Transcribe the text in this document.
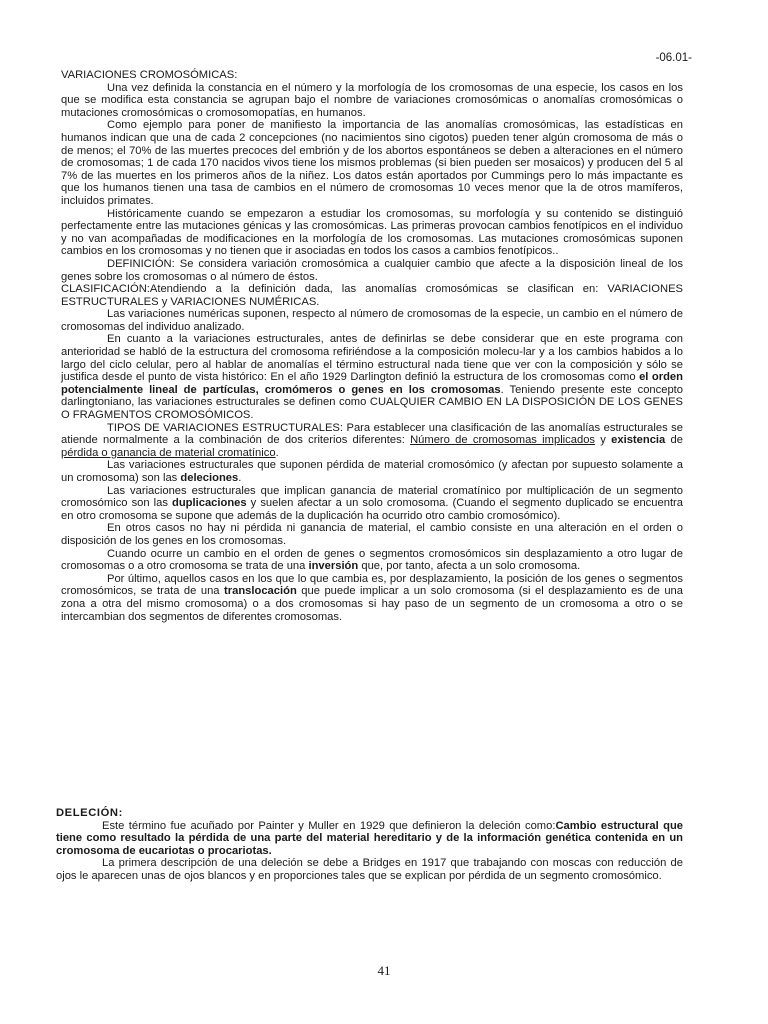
-06.01-

VARIACIONES CROMOSÓMICAS:

Una vez definida la constancia en el número y la morfología de los cromosomas de una especie, los casos en los que se modifica esta constancia se agrupan bajo el nombre de variaciones cromosómicas o anomalías cromosómicas o mutaciones cromosómicas o cromosomopatías, en humanos.

Como ejemplo para poner de manifiesto la importancia de las anomalías cromosómicas, las estadísticas en humanos indican que una de cada 2 concepciones (no nacimientos sino cigotos) pueden tener algún cromosoma de más o de menos; el 70% de las muertes precoces del embrión y de los abortos espontáneos se deben a alteraciones en el número de cromosomas; 1 de cada 170 nacidos vivos tiene los mismos problemas (si bien pueden ser mosaicos) y producen del 5 al 7% de las muertes en los primeros años de la niñez. Los datos están aportados por Cummings pero lo más impactante es que los humanos tienen una tasa de cambios en el número de cromosomas 10 veces menor que la de otros mamíferos, incluidos primates.

Históricamente cuando se empezaron a estudiar los cromosomas, su morfología y su contenido se distinguió perfectamente entre las mutaciones génicas y las cromosómicas. Las primeras provocan cambios fenotípicos en el individuo y no van acompañadas de modificaciones en la morfología de los cromosomas. Las mutaciones cromosómicas suponen cambios en los cromosomas y no tienen que ir asociadas en todos los casos a cambios fenotípicos..

DEFINICIÓN: Se considera variación cromosómica a cualquier cambio que afecte a la disposición lineal de los genes sobre los cromosomas o al número de éstos.

CLASIFICACIÓN:Atendiendo a la definición dada, las anomalías cromosómicas se clasifican en: VARIACIONES ESTRUCTURALES y VARIACIONES NUMÉRICAS.

Las variaciones numéricas suponen, respecto al número de cromosomas de la especie, un cambio en el número de cromosomas del individuo analizado.

En cuanto a la variaciones estructurales, antes de definirlas se debe considerar que en este programa con anterioridad se habló de la estructura del cromosoma refiriéndose a la composición molecu-lar y a los cambios habidos a lo largo del ciclo celular, pero al hablar de anomalías el término estructural nada tiene que ver con la composición y sólo se justifica desde el punto de vista histórico: En el año 1929 Darlington definió la estructura de los cromosomas como el orden potencialmente lineal de partículas, cromómeros o genes en los cromosomas. Teniendo presente este concepto darlingtoniano, las variaciones estructurales se definen como CUALQUIER CAMBIO EN LA DISPOSICIÓN DE LOS GENES O FRAGMENTOS CROMOSÓMICOS.

TIPOS DE VARIACIONES ESTRUCTURALES: Para establecer una clasificación de las anomalías estructurales se atiende normalmente a la combinación de dos criterios diferentes: Número de cromosomas implicados y existencia de pérdida o ganancia de material cromatínico.

Las variaciones estructurales que suponen pérdida de material cromosómico (y afectan por supuesto solamente a un cromosoma) son las deleciones.

Las variaciones estructurales que implican ganancia de material cromatínico por multiplicación de un segmento cromosómico son las duplicaciones y suelen afectar a un solo cromosoma. (Cuando el segmento duplicado se encuentra en otro cromosoma se supone que además de la duplicación ha ocurrido otro cambio cromosómico).

En otros casos no hay ni pérdida ni ganancia de material, el cambio consiste en una alteración en el orden o disposición de los genes en los cromosomas.

Cuando ocurre un cambio en el orden de genes o segmentos cromosómicos sin desplazamiento a otro lugar de cromosomas o a otro cromosoma se trata de una inversión que, por tanto, afecta a un solo cromosoma.

Por último, aquellos casos en los que lo que cambia es, por desplazamiento, la posición de los genes o segmentos cromosómicos, se trata de una translocación que puede implicar a un solo cromosoma (si el desplazamiento es de una zona a otra del mismo cromosoma) o a dos cromosomas si hay paso de un segmento de un cromosoma a otro o se intercambian dos segmentos de diferentes cromosomas.

DELECIÓN:

Este término fue acuñado por Painter y Muller en 1929 que definieron la deleción como:Cambio estructural que tiene como resultado la pérdida de una parte del material hereditario y de la información genética contenida en un cromosoma de eucariotas o procariotas.

La primera descripción de una deleción se debe a Bridges en 1917 que trabajando con moscas con reducción de ojos le aparecen unas de ojos blancos y en proporciones tales que se explican por pérdida de un segmento cromosómico.

41
